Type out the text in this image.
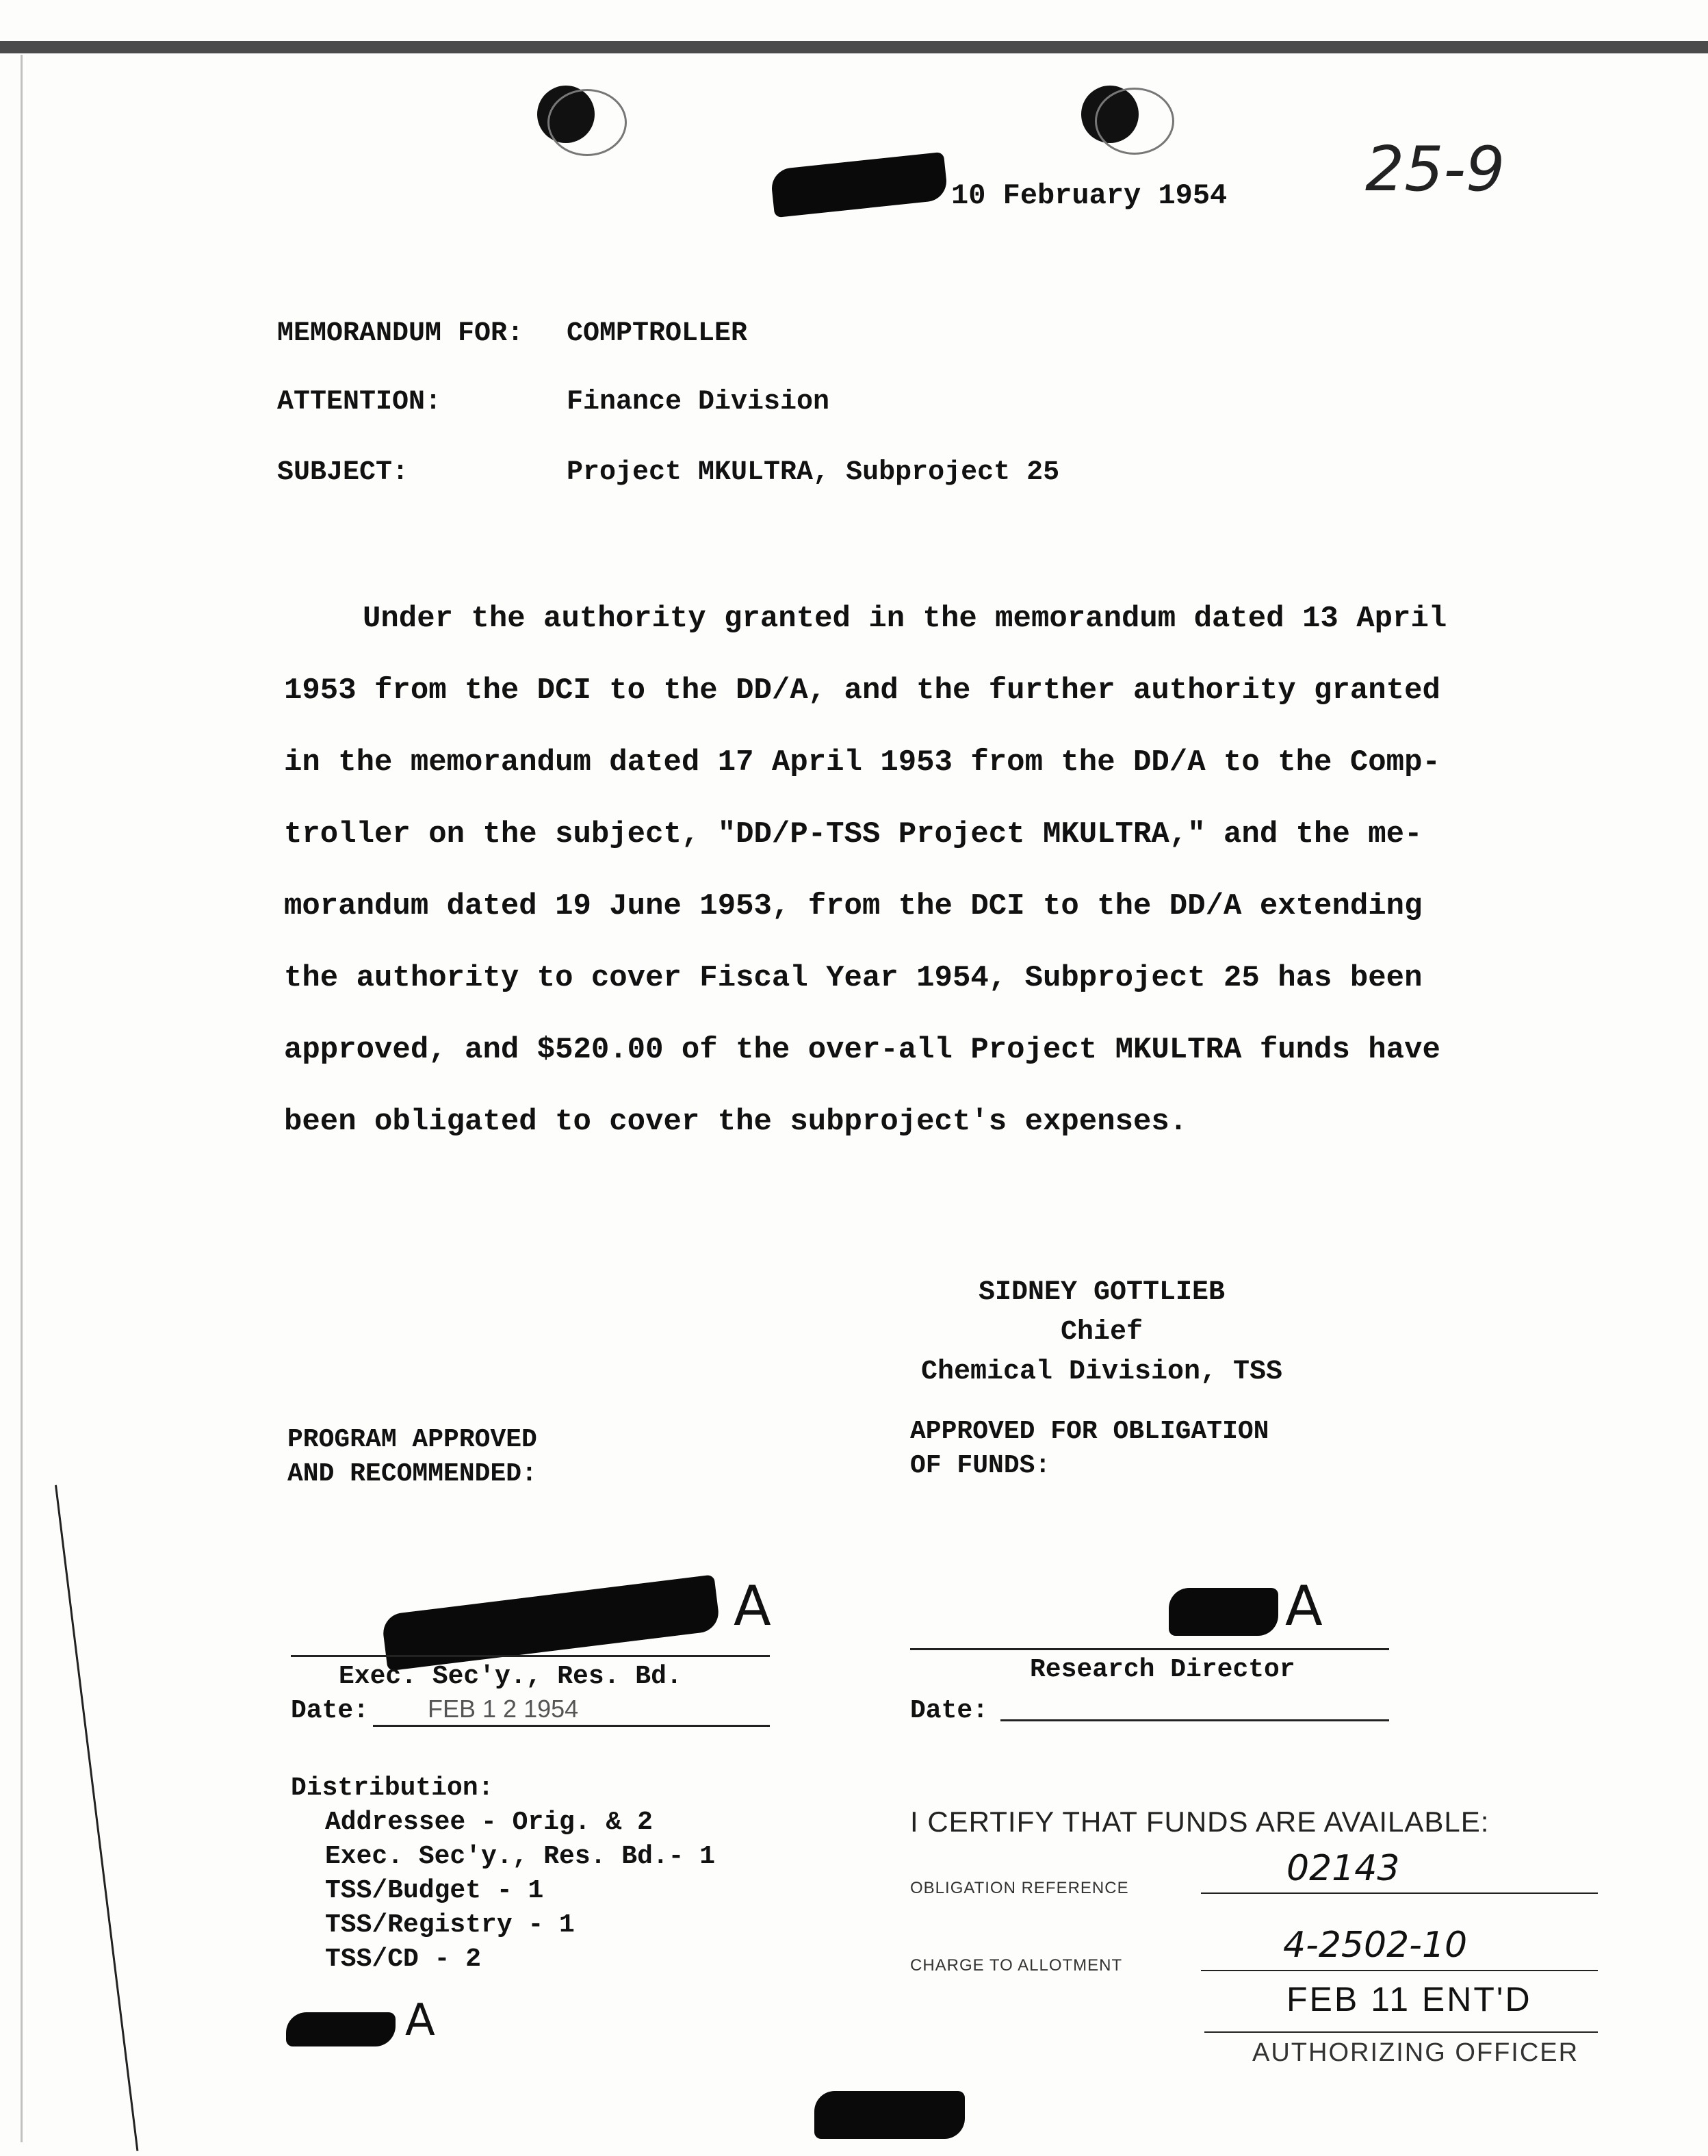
10 February 1954 25-9
MEMORANDUM FOR: COMPTROLLER
ATTENTION:	Finance Division
SUBJECT:	Project MKULTRA, Subproject 25
Under the authority granted in the memorandum dated 13 April
1953 from the DCI to the DD/A, and the further authority granted
in the memorandum dated 17 April 1953 from the DD/A to the Comp-
troller on the subject, "DD/P-TSS Project MKULTRA," and the me-
morandum dated 19 June 1953, from the DCI to the DD/A extending
the authority to cover Fiscal Year 1954, Subproject 25 has been
approved, and $520.00 of the over-all Project MKULTRA funds have
been obligated to cover the subproject's expenses.
SIDNEY GOTTLIEB
Chief
Chemical Division, TSS
PROGRAM APPROVED
AND RECOMMENDED:
APPROVED FOR OBLIGATION
OF FUNDS:
A
Exec. Sec'y., Res. Bd.
Date: FEB 1 2 1954
A
Research Director
Date:
Distribution:
Addressee - Orig. & 2
Exec. Sec'y., Res. Bd.- 1
TSS/Budget - 1
TSS/Registry - 1
TSS/CD - 2
A
I CERTIFY THAT FUNDS ARE AVAILABLE:
OBLIGATION REFERENCE	02143
CHARGE TO ALLOTMENT	4-2502-10
FEB 11 ENT'D
AUTHORIZING OFFICER
